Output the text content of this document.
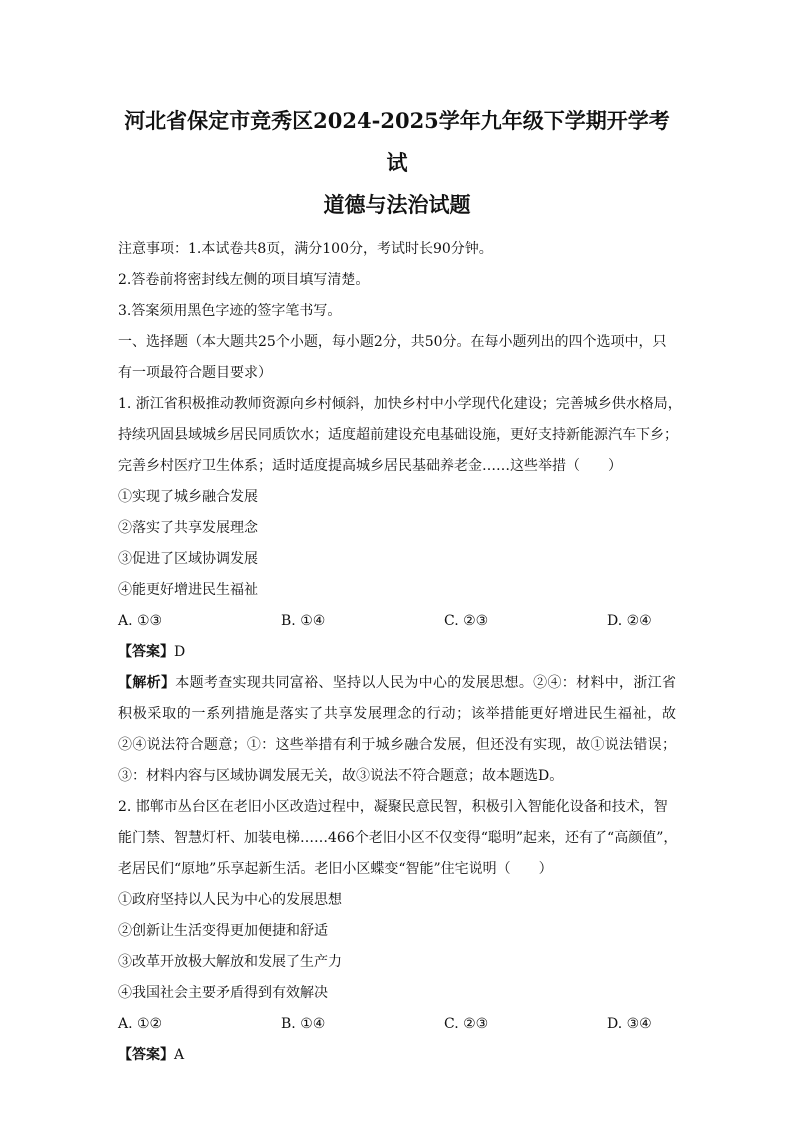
河北省保定市竞秀区2024-2025学年九年级下学期开学考试
道德与法治试题

注意事项：1.本试卷共8页，满分100分，考试时长90分钟。

2.答卷前将密封线左侧的项目填写清楚。

3.答案须用黑色字迹的签字笔书写。

一、选择题（本大题共25个小题，每小题2分，共50分。在每小题列出的四个选项中，只

有一项最符合题目要求）

1. 浙江省积极推动教师资源向乡村倾斜，加快乡村中小学现代化建设；完善城乡供水格局，

持续巩固县域城乡居民同质饮水；适度超前建设充电基础设施，更好支持新能源汽车下乡；

完善乡村医疗卫生体系；适时适度提高城乡居民基础养老金……这些举措（　　）

①实现了城乡融合发展

②落实了共享发展理念

③促进了区域协调发展

④能更好增进民生福祉

A. ①③	B. ①④	C. ②③	D. ②④

【答案】D

【解析】本题考查实现共同富裕、坚持以人民为中心的发展思想。②④：材料中，浙江省积极采取的一系列措施是落实了共享发展理念的行动；该举措能更好增进民生福祉，故②④说法符合题意；①：这些举措有利于城乡融合发展，但还没有实现，故①说法错误；③：材料内容与区域协调发展无关，故③说法不符合题意；故本题选D。

2. 邯郸市丛台区在老旧小区改造过程中，凝聚民意民智，积极引入智能化设备和技术，智

能门禁、智慧灯杆、加装电梯……466个老旧小区不仅变得“聪明”起来，还有了“高颜值”，

老居民们“原地”乐享起新生活。老旧小区蝶变“智能”住宅说明（　　）

①政府坚持以人民为中心的发展思想

②创新让生活变得更加便捷和舒适

③改革开放极大解放和发展了生产力

④我国社会主要矛盾得到有效解决

A. ①②	B. ①④	C. ②③	D. ③④

【答案】A
